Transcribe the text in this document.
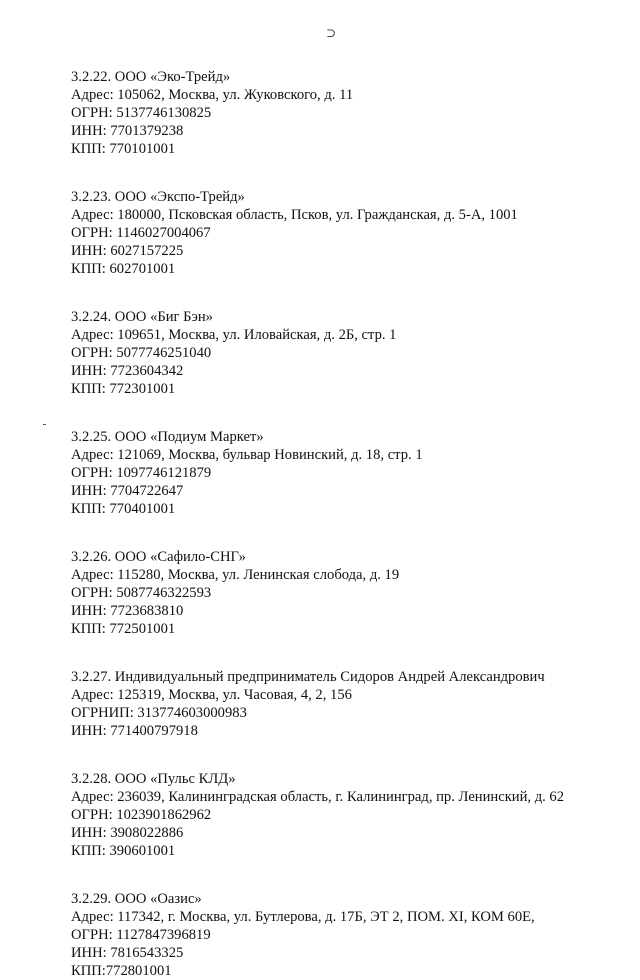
⊃
3.2.22. ООО «Эко-Трейд»
Адрес: 105062, Москва, ул. Жуковского, д. 11
ОГРН: 5137746130825
ИНН: 7701379238
КПП: 770101001
3.2.23. ООО «Экспо-Трейд»
Адрес: 180000, Псковская область, Псков, ул. Гражданская, д. 5-А, 1001
ОГРН: 1146027004067
ИНН: 6027157225
КПП: 602701001
3.2.24. ООО «Биг Бэн»
Адрес: 109651, Москва, ул. Иловайская, д. 2Б, стр. 1
ОГРН: 5077746251040
ИНН: 7723604342
КПП: 772301001
3.2.25. ООО «Подиум Маркет»
Адрес: 121069, Москва, бульвар Новинский, д. 18, стр. 1
ОГРН: 1097746121879
ИНН: 7704722647
КПП: 770401001
3.2.26. ООО «Сафило-СНГ»
Адрес: 115280, Москва, ул. Ленинская слобода, д. 19
ОГРН: 5087746322593
ИНН: 7723683810
КПП: 772501001
3.2.27. Индивидуальный предприниматель Сидоров Андрей Александрович
Адрес: 125319, Москва, ул. Часовая, 4, 2, 156
ОГРНИП: 313774603000983
ИНН: 771400797918
3.2.28. ООО «Пульс КЛД»
Адрес: 236039, Калининградская область, г. Калининград, пр. Ленинский, д. 62
ОГРН: 1023901862962
ИНН: 3908022886
КПП: 390601001
3.2.29. ООО «Оазис»
Адрес: 117342, г. Москва, ул. Бутлерова, д. 17Б, ЭТ 2, ПОМ. XI, КОМ 60Е,
ОГРН: 1127847396819
ИНН: 7816543325
КПП:772801001
